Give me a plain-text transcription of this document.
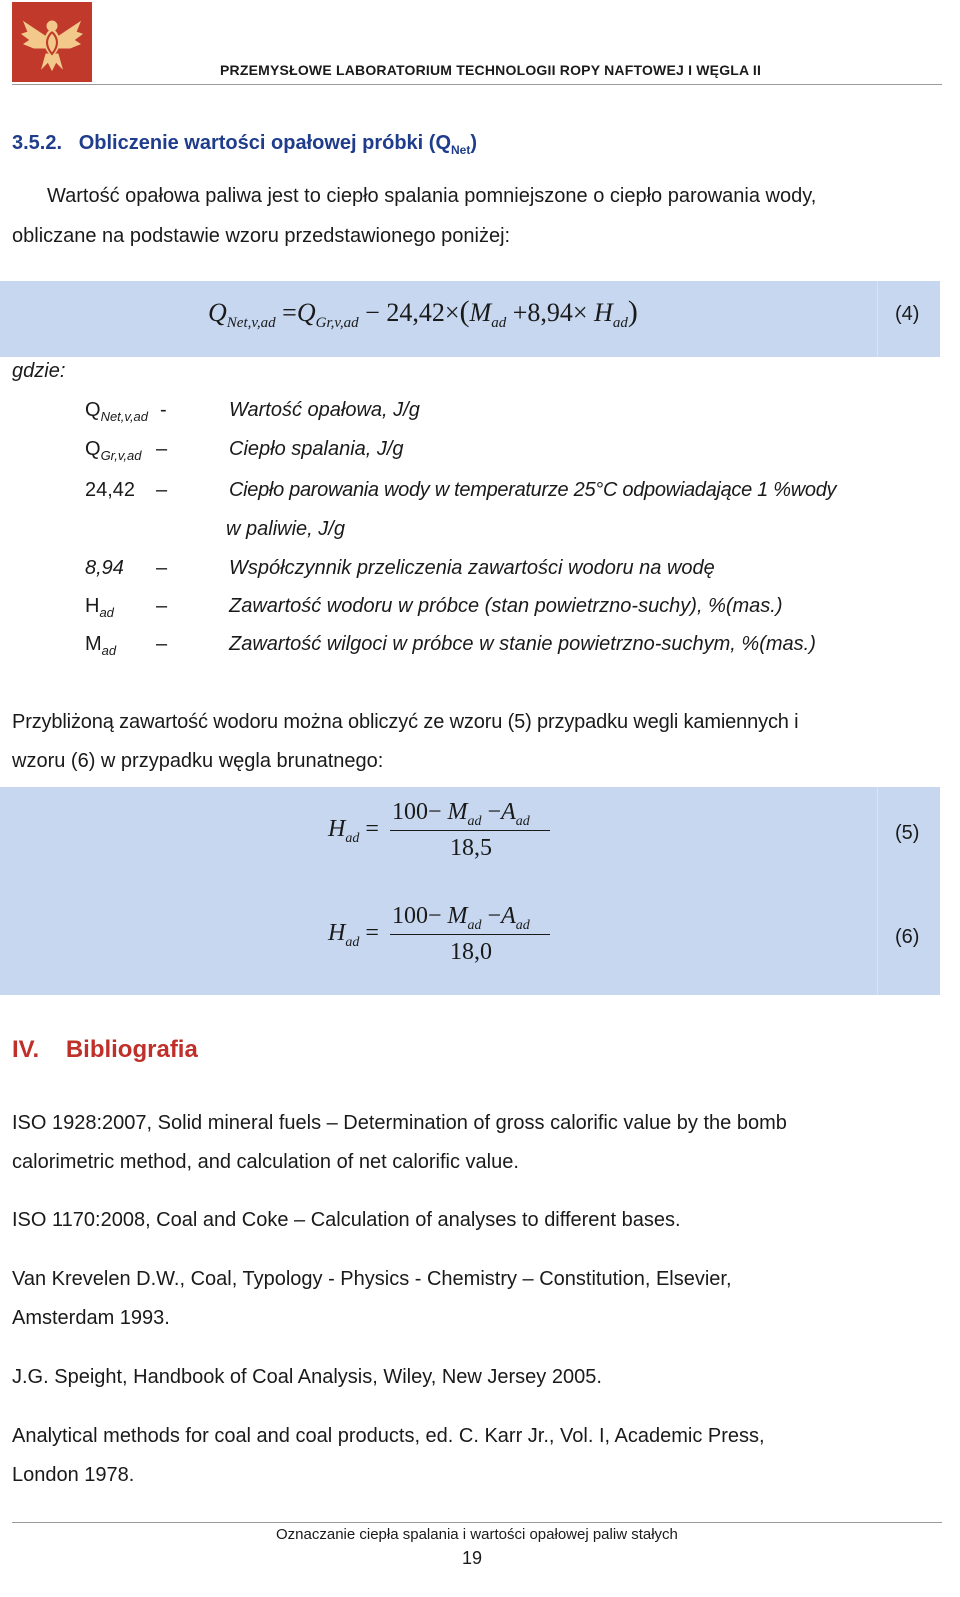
PRZEMYSŁOWE LABORATORIUM TECHNOLOGII ROPY NAFTOWEJ I WĘGLA II
3.5.2. Obliczenie wartości opałowej próbki $(Q_{Net})$
Wartość opałowa paliwa jest to ciepło spalania pomniejszone o ciepło parowania wody,
obliczane na podstawie wzoru przedstawionego poniżej:
$Q_{Net,v,ad} =Q_{Gr,v,ad} - 24,42\times(M_{ad} +8,94\times H_{ad})$	(4)
gdzie:
$Q_{Net,v,ad}$ -	Wartość opałowa, J/g
$Q_{Gr,v,ad}$ –	Ciepło spalania, J/g
24,42 –	Ciepło parowania wody w temperaturze 25°C odpowiadające 1 %wody
w paliwie, J/g
8,94 –	Współczynnik przeliczenia zawartości wodoru na wodę
$H_{ad}$ –	Zawartość wodoru w próbce (stan powietrzno-suchy), %(mas.)
$M_{ad}$ –	Zawartość wilgoci w próbce w stanie powietrzno-suchym, %(mas.)
Przybliżoną zawartość wodoru można obliczyć ze wzoru (5) przypadku wegli kamiennych i
wzoru (6) w przypadku węgla brunatnego:
$H_{ad}$ =
$100- M_{ad} -A_{ad}$
18,5
(5)
$H_{ad}$ =
$100- M_{ad} -A_{ad}$
18,0
(6)
IV.    Bibliografia
ISO 1928:2007, Solid mineral fuels – Determination of gross calorific value by the bomb
calorimetric method, and calculation of net calorific value.
ISO 1170:2008, Coal and Coke – Calculation of analyses to different bases.
Van Krevelen D.W., Coal, Typology - Physics - Chemistry – Constitution, Elsevier,
Amsterdam 1993.
J.G. Speight, Handbook of Coal Analysis, Wiley, New Jersey 2005.
Analytical methods for coal and coal products, ed. C. Karr Jr., Vol. I, Academic Press,
London 1978.
Oznaczanie ciepła spalania i wartości opałowej paliw stałych
19
